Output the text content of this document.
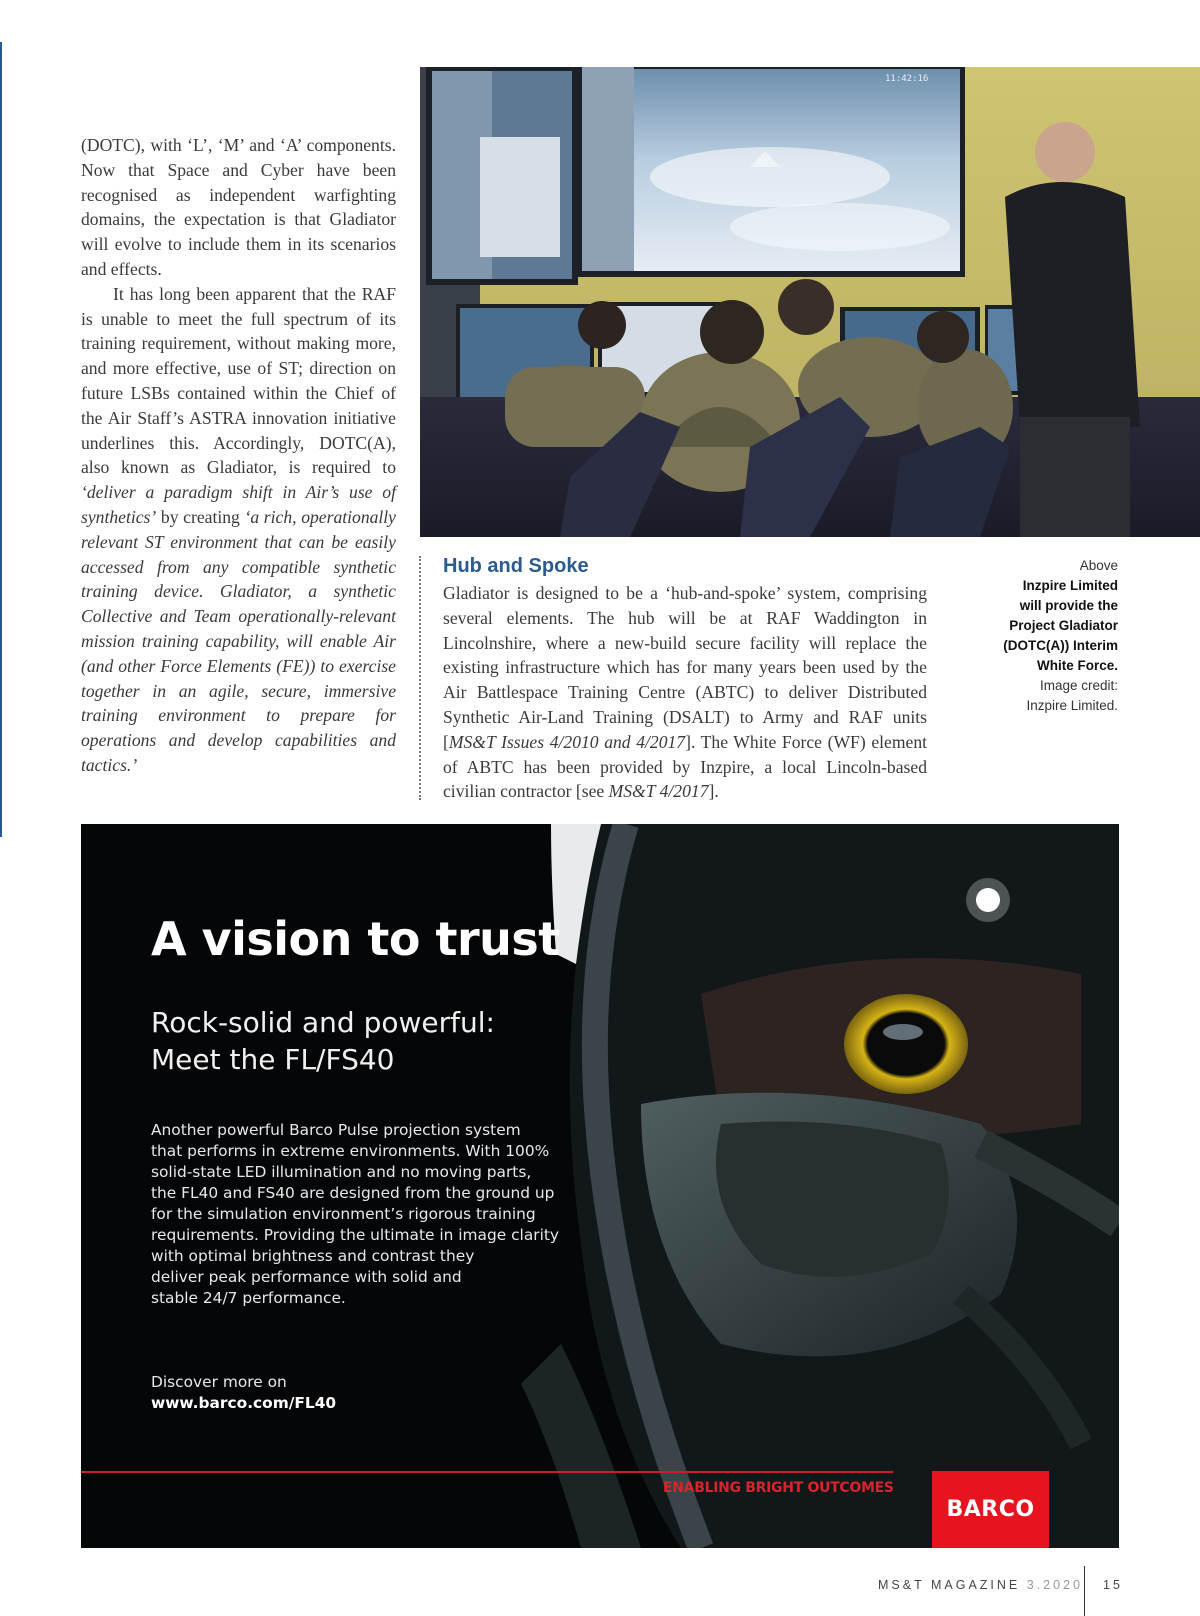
(DOTC), with ‘L’, ‘M’ and ‘A’ components. Now that Space and Cyber have been recognised as independent warfighting domains, the expectation is that Gladiator will evolve to include them in its scenarios and effects.

It has long been apparent that the RAF is unable to meet the full spectrum of its training requirement, without making more, and more effective, use of ST; direction on future LSBs contained within the Chief of the Air Staff’s ASTRA innovation initiative underlines this. Accordingly, DOTC(A), also known as Gladiator, is required to ‘deliver a paradigm shift in Air’s use of synthetics’ by creating ‘a rich, operationally relevant ST environment that can be easily accessed from any compatible synthetic training device. Gladiator, a synthetic Collective and Team operationally-relevant mission training capability, will enable Air (and other Force Elements (FE)) to exercise together in an agile, secure, immersive training environment to prepare for operations and develop capabilities and tactics.’

11:42:16
Hub and Spoke

Gladiator is designed to be a ‘hub-and-spoke’ system, comprising several elements. The hub will be at RAF Waddington in Lincolnshire, where a new-build secure facility will replace the existing infrastructure which has for many years been used by the Air Battlespace Training Centre (ABTC) to deliver Distributed Synthetic Air-Land Training (DSALT) to Army and RAF units [MS&T Issues 4/2010 and 4/2017]. The White Force (WF) element of ABTC has been provided by Inzpire, a local Lincoln-based civilian contractor [see MS&T 4/2017].

Above
Inzpire Limited
will provide the
Project Gladiator
(DOTC(A)) Interim
White Force.
Image credit:
Inzpire Limited.
A vision to trust
Rock-solid and powerful:
Meet the FL/FS40
Another powerful Barco Pulse projection system
that performs in extreme environments. With 100%
solid-state LED illumination and no moving parts,
the FL40 and FS40 are designed from the ground up
for the simulation environment’s rigorous training
requirements. Providing the ultimate in image clarity
with optimal brightness and contrast they
deliver peak performance with solid and
stable 24/7 performance.
Discover more on
www.barco.com/FL40
ENABLING BRIGHT OUTCOMES
BARCO
MS&T MAGAZINE 3.2020 15
